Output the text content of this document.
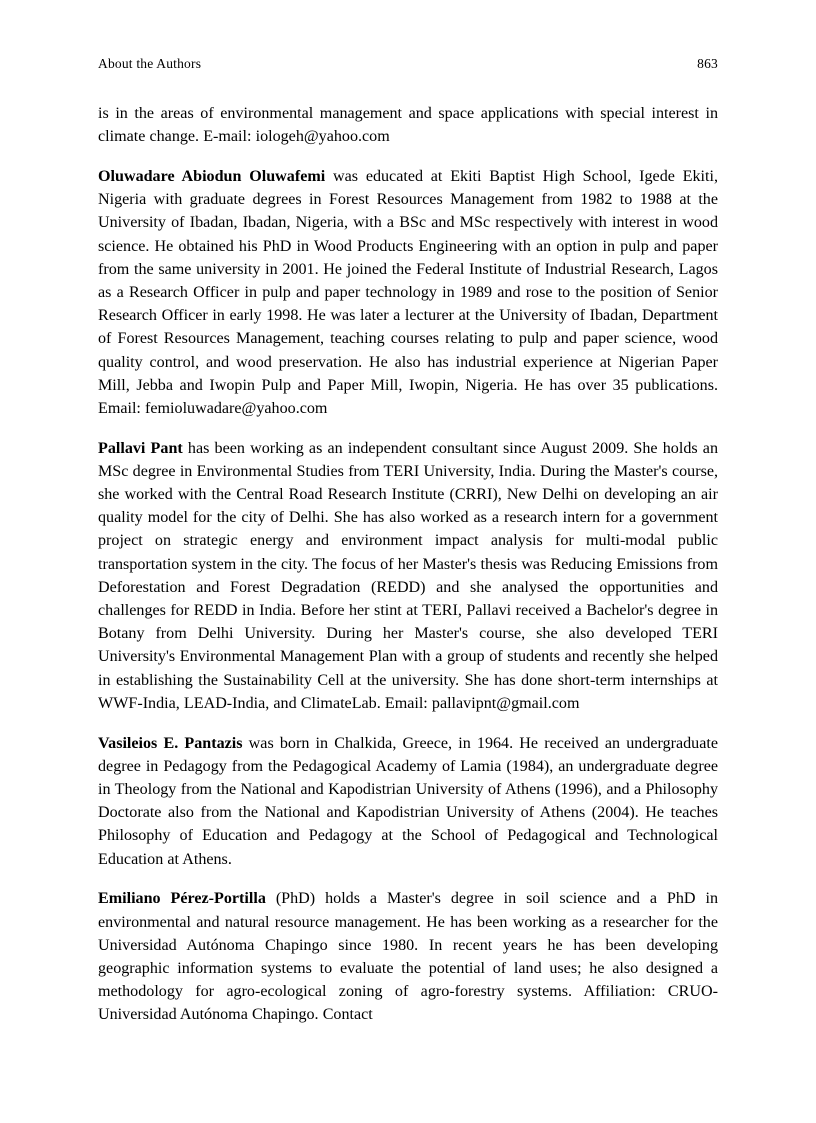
About the Authors	863

is in the areas of environmental management and space applications with special interest in climate change. E-mail: iologeh@yahoo.com

Oluwadare Abiodun Oluwafemi was educated at Ekiti Baptist High School, Igede Ekiti, Nigeria with graduate degrees in Forest Resources Management from 1982 to 1988 at the University of Ibadan, Ibadan, Nigeria, with a BSc and MSc respectively with interest in wood science. He obtained his PhD in Wood Products Engineering with an option in pulp and paper from the same university in 2001. He joined the Federal Institute of Industrial Research, Lagos as a Research Officer in pulp and paper technology in 1989 and rose to the position of Senior Research Officer in early 1998. He was later a lecturer at the University of Ibadan, Department of Forest Resources Management, teaching courses relating to pulp and paper science, wood quality control, and wood preservation. He also has industrial experience at Nigerian Paper Mill, Jebba and Iwopin Pulp and Paper Mill, Iwopin, Nigeria. He has over 35 publications. Email: femioluwadare@yahoo.com

Pallavi Pant has been working as an independent consultant since August 2009. She holds an MSc degree in Environmental Studies from TERI University, India. During the Master's course, she worked with the Central Road Research Institute (CRRI), New Delhi on developing an air quality model for the city of Delhi. She has also worked as a research intern for a government project on strategic energy and environment impact analysis for multi-modal public transportation system in the city. The focus of her Master's thesis was Reducing Emissions from Deforestation and Forest Degradation (REDD) and she analysed the opportunities and challenges for REDD in India. Before her stint at TERI, Pallavi received a Bachelor's degree in Botany from Delhi University. During her Master's course, she also developed TERI University's Environmental Management Plan with a group of students and recently she helped in establishing the Sustainability Cell at the university. She has done short-term internships at WWF-India, LEAD-India, and ClimateLab. Email: pallavipnt@gmail.com

Vasileios E. Pantazis was born in Chalkida, Greece, in 1964. He received an undergraduate degree in Pedagogy from the Pedagogical Academy of Lamia (1984), an undergraduate degree in Theology from the National and Kapodistrian University of Athens (1996), and a Philosophy Doctorate also from the National and Kapodistrian University of Athens (2004). He teaches Philosophy of Education and Pedagogy at the School of Pedagogical and Technological Education at Athens.

Emiliano Pérez-Portilla (PhD) holds a Master's degree in soil science and a PhD in environmental and natural resource management. He has been working as a researcher for the Universidad Autónoma Chapingo since 1980. In recent years he has been developing geographic information systems to evaluate the potential of land uses; he also designed a methodology for agro-ecological zoning of agro-forestry systems. Affiliation: CRUO-Universidad Autónoma Chapingo. Contact
